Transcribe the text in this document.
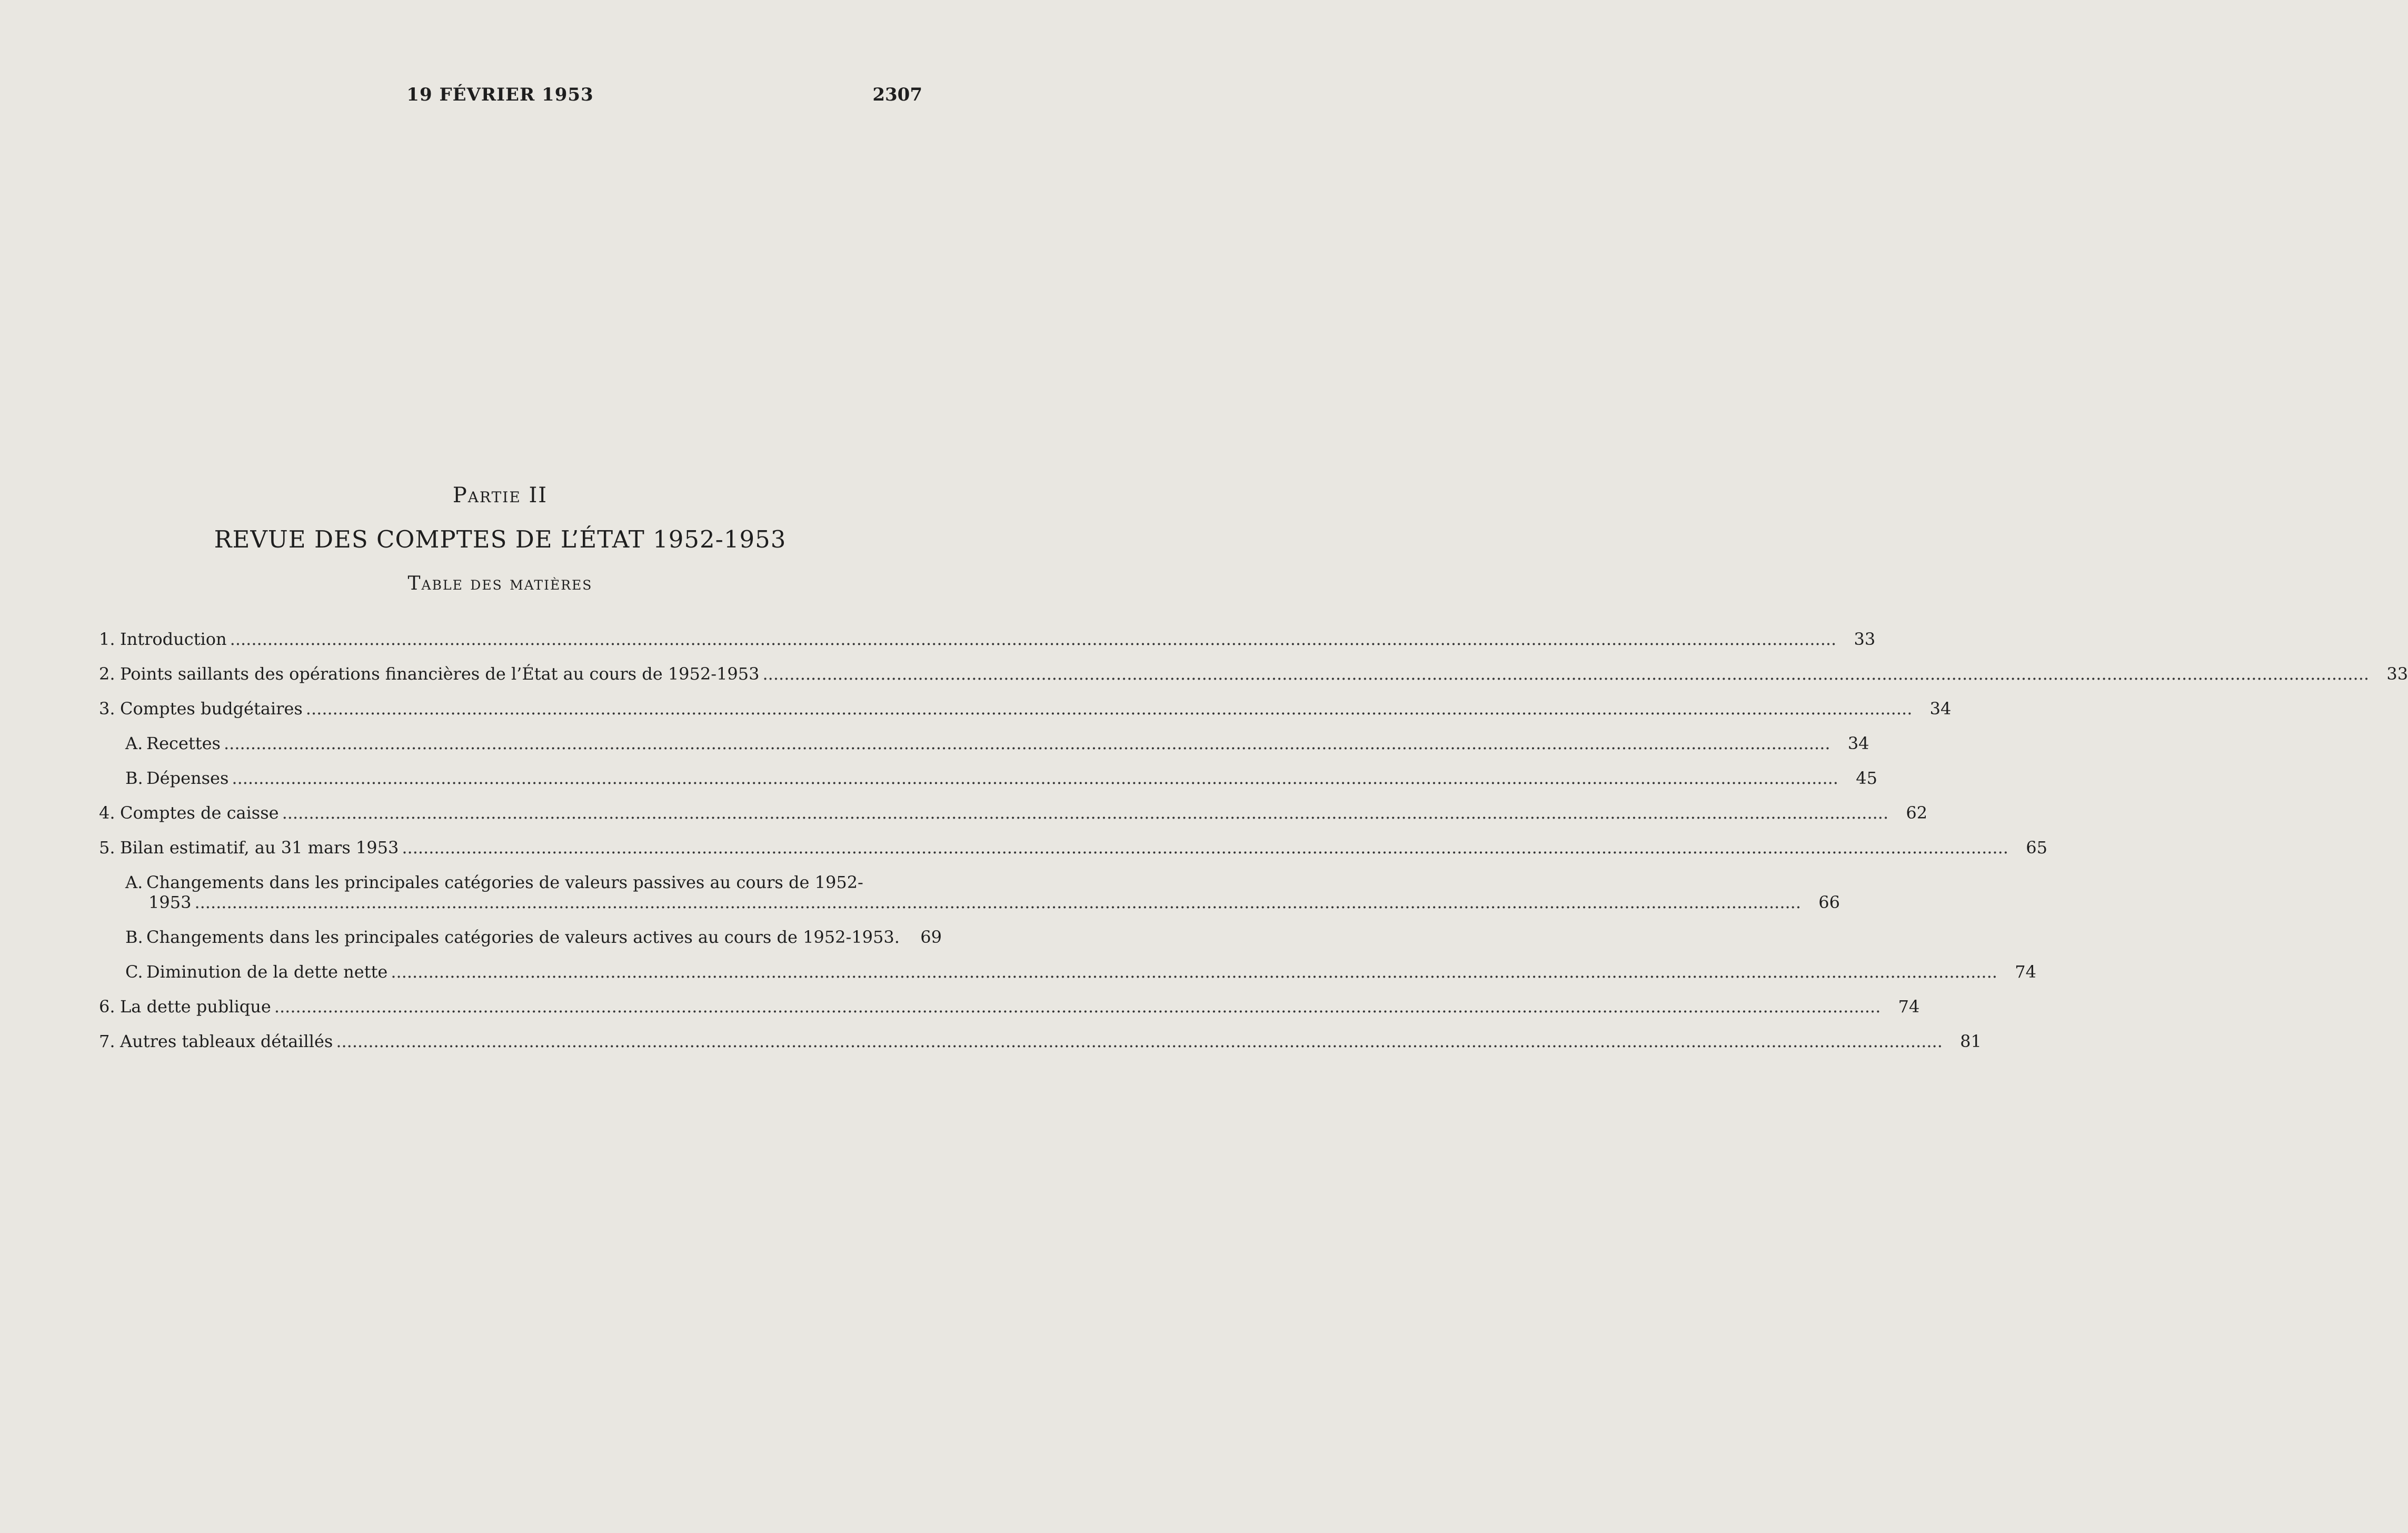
19 FÉVRIER 1953	2307
Partie II
REVUE DES COMPTES DE L’ÉTAT 1952-1953
Table des matières
1. Introduction ............................................................................................................................................................................................................................................................................................................	33
2. Points saillants des opérations financières de l’État au cours de 1952-1953 ............................................................................................................................................................................................................................................................................................................	33
3. Comptes budgétaires ............................................................................................................................................................................................................................................................................................................	34
A. Recettes ............................................................................................................................................................................................................................................................................................................	34
B. Dépenses ............................................................................................................................................................................................................................................................................................................	45
4. Comptes de caisse ............................................................................................................................................................................................................................................................................................................	62
5. Bilan estimatif, au 31 mars 1953 ............................................................................................................................................................................................................................................................................................................	65
A. Changements dans les principales catégories de valeurs passives au cours de 1952-
1953 ............................................................................................................................................................................................................................................................................................................	66
B. Changements dans les principales catégories de valeurs actives au cours de 1952-1953.	69
C. Diminution de la dette nette ............................................................................................................................................................................................................................................................................................................	74
6. La dette publique ............................................................................................................................................................................................................................................................................................................	74
7. Autres tableaux détaillés ............................................................................................................................................................................................................................................................................................................	81
